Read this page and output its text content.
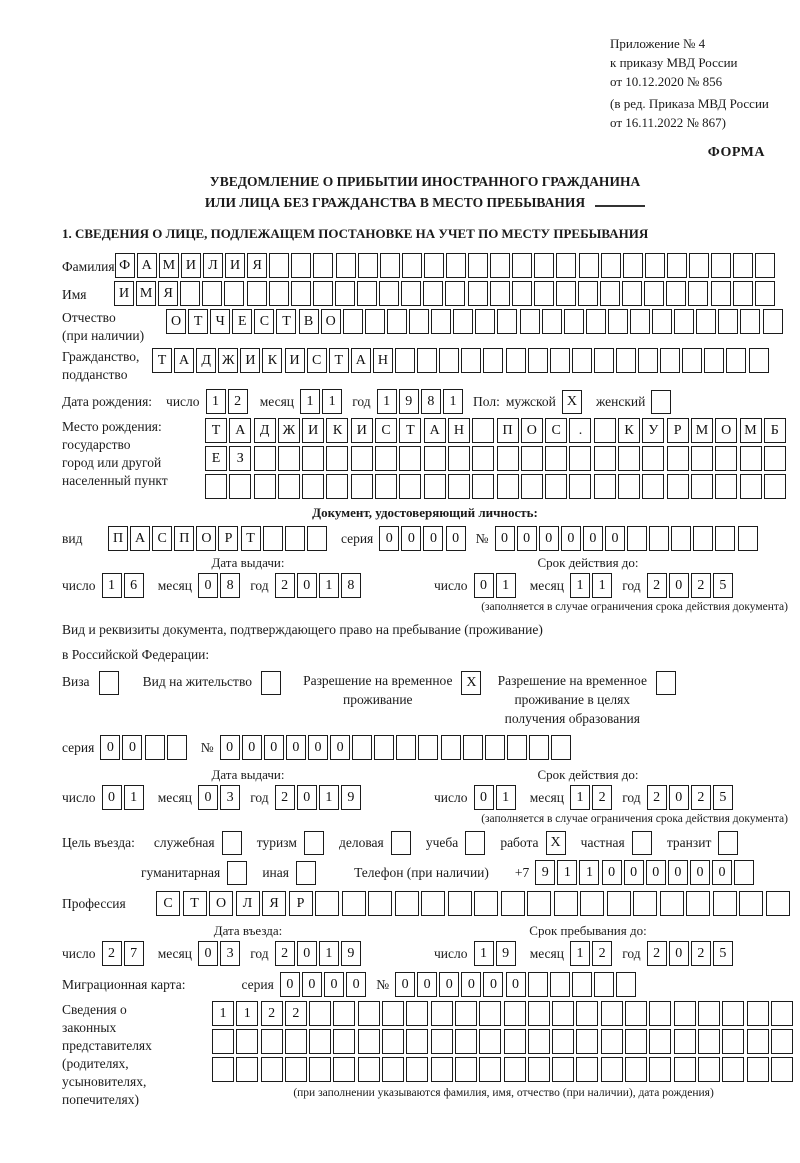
Приложение № 4
к приказу МВД России
от 10.12.2020 № 856
(в ред. Приказа МВД России
от 16.11.2022 № 867)
ФОРМА
УВЕДОМЛЕНИЕ О ПРИБЫТИИ ИНОСТРАННОГО ГРАЖДАНИНА
ИЛИ ЛИЦА БЕЗ ГРАЖДАНСТВА В МЕСТО ПРЕБЫВАНИЯ
1. СВЕДЕНИЯ О ЛИЦЕ, ПОДЛЕЖАЩЕМ ПОСТАНОВКЕ НА УЧЕТ ПО МЕСТУ ПРЕБЫВАНИЯ
Фамилия Ф А М И Л И Я
Имя	И М Я
Отчество
(при наличии)
О Т Ч Е С Т В О
Гражданство,
подданство
Т А Д Ж И К И С Т А Н
Дата рождения: число 1	2	месяц 1	1	год 1	9	8	1	Пол: мужской X	женский
Место рождения:
государство
город или другой
населенный пункт
Т	А	Д Ж И	К	И	С	Т	А	Н	П	О	С	.	К	У	Р	М О М	Б
Е	З
Документ, удостоверяющий личность:
вид	П А С П О Р Т	серия 0	0	0	0	№ 0	0	0	0	0	0
Дата выдачи:	Срок действия до:
число 1	6	месяц 0	8	год 2	0	1	8	число 0	1	месяц 1	1	год 2	0	2	5
(заполняется в случае ограничения срока действия документа)
Вид и реквизиты документа, подтверждающего право на пребывание (проживание)
в Российской Федерации:
Виза	Вид на жительство	Разрешение на временное
проживание
X	Разрешение на временное
проживание в целях
получения образования
серия 0	0	№ 0	0	0	0	0	0
Дата выдачи:	Срок действия до:
число 0	1	месяц 0	3	год 2	0	1	9	число 0	1	месяц 1	2	год 2	0	2	5
(заполняется в случае ограничения срока действия документа)
Цель въезда: служебная	туризм	деловая	учеба	работа X	частная	транзит
гуманитарная	иная	Телефон (при наличии) +7 9	1	1	0	0	0	0	0	0
Профессия	С	Т	О	Л	Я	Р
Дата въезда:	Срок пребывания до:
число 2	7	месяц 0	3	год 2	0	1	9	число 1	9	месяц 1	2	год 2	0	2	5
Миграционная карта:	серия 0	0	0	0	№ 0	0	0	0	0	0
Сведения о
законных
представителях
(родителях,
усыновителях,
попечителях)
1	1	2	2
(при заполнении указываются фамилия, имя, отчество (при наличии), дата рождения)
